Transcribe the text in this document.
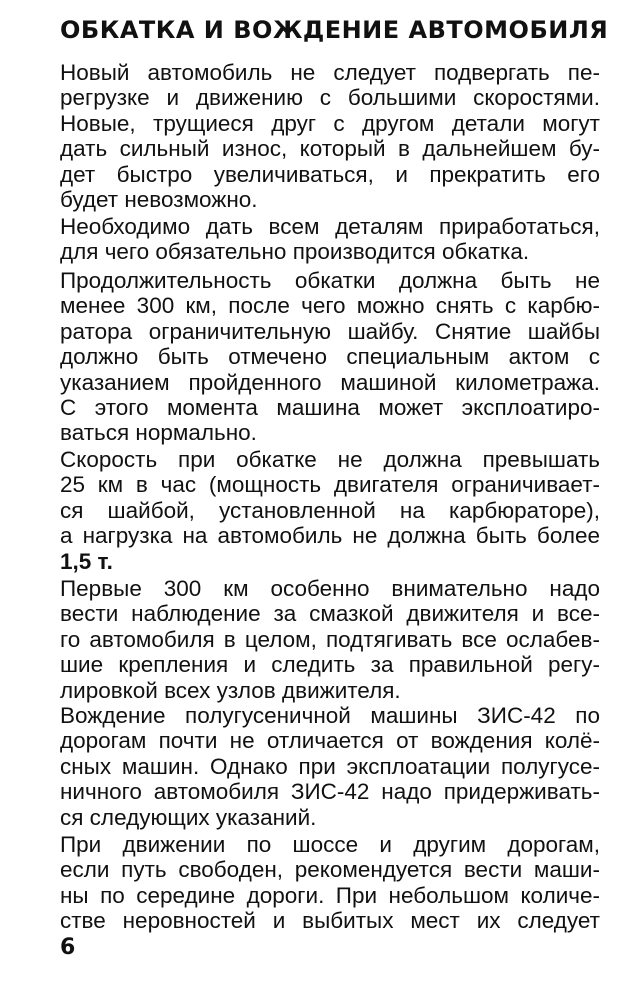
ОБКАТКА И ВОЖДЕНИЕ АВТОМОБИЛЯ
Новый автомобиль не следует подвергать пе-
регрузке и движению с большими скоростями.
Новые, трущиеся друг с другом детали могут
дать сильный износ, который в дальнейшем бу-
дет быстро увеличиваться, и прекратить его
будет невозможно.
Необходимо дать всем деталям приработаться,
для чего обязательно производится обкатка.
Продолжительность обкатки должна быть не
менее 300 км, после чего можно снять с карбю-
ратора ограничительную шайбу. Снятие шайбы
должно быть отмечено специальным актом с
указанием пройденного машиной километража.
С этого момента машина может эксплоатиро-
ваться нормально.
Скорость при обкатке не должна превышать
25 км в час (мощность двигателя ограничивает-
ся шайбой, установленной на карбюраторе),
а нагрузка на автомобиль не должна быть более
1,5 т.
Первые 300 км особенно внимательно надо
вести наблюдение за смазкой движителя и все-
го автомобиля в целом, подтягивать все ослабев-
шие крепления и следить за правильной регу-
лировкой всех узлов движителя.
Вождение полугусеничной машины ЗИС-42 по
дорогам почти не отличается от вождения колё-
сных машин. Однако при эксплоатации полугусе-
ничного автомобиля ЗИС-42 надо придерживать-
ся следующих указаний.
При движении по шоссе и другим дорогам,
если путь свободен, рекомендуется вести маши-
ны по середине дороги. При небольшом количе-
стве неровностей и выбитых мест их следует
6
